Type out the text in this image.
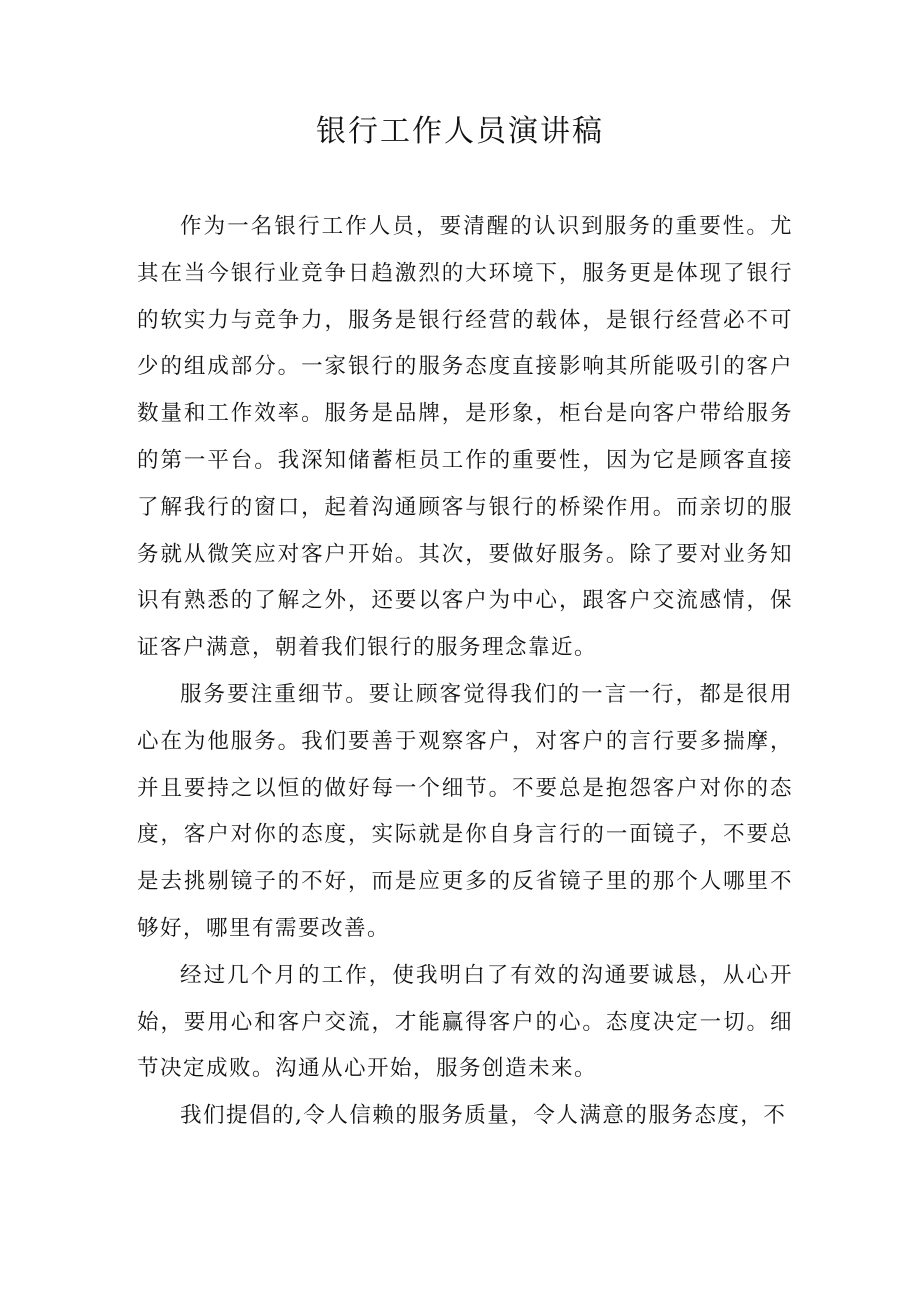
银行工作人员演讲稿

作为一名银行工作人员，要清醒的认识到服务的重要性。尤其在当今银行业竞争日趋激烈的大环境下，服务更是体现了银行的软实力与竞争力，服务是银行经营的载体，是银行经营必不可少的组成部分。一家银行的服务态度直接影响其所能吸引的客户数量和工作效率。服务是品牌，是形象，柜台是向客户带给服务的第一平台。我深知储蓄柜员工作的重要性，因为它是顾客直接了解我行的窗口，起着沟通顾客与银行的桥梁作用。而亲切的服务就从微笑应对客户开始。其次，要做好服务。除了要对业务知识有熟悉的了解之外，还要以客户为中心，跟客户交流感情，保证客户满意，朝着我们银行的服务理念靠近。

服务要注重细节。要让顾客觉得我们的一言一行，都是很用心在为他服务。我们要善于观察客户，对客户的言行要多揣摩，并且要持之以恒的做好每一个细节。不要总是抱怨客户对你的态度，客户对你的态度，实际就是你自身言行的一面镜子，不要总是去挑剔镜子的不好，而是应更多的反省镜子里的那个人哪里不够好，哪里有需要改善。

经过几个月的工作，使我明白了有效的沟通要诚恳，从心开始，要用心和客户交流，才能赢得客户的心。态度决定一切。细节决定成败。沟通从心开始，服务创造未来。

我们提倡的,令人信赖的服务质量，令人满意的服务态度，不
